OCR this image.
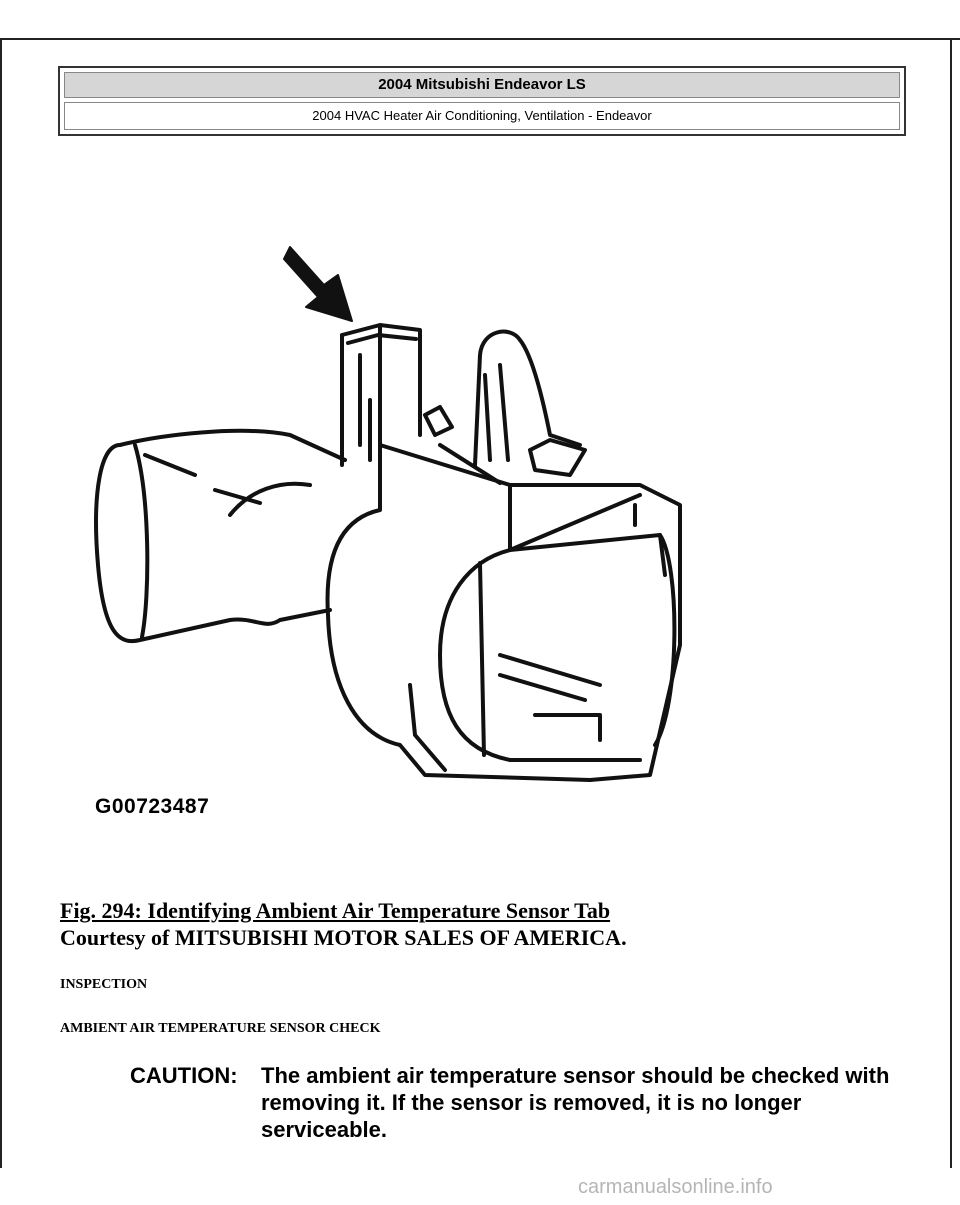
2004 Mitsubishi Endeavor LS
2004 HVAC Heater Air Conditioning, Ventilation - Endeavor
G00723487
Fig. 294: Identifying Ambient Air Temperature Sensor Tab
Courtesy of MITSUBISHI MOTOR SALES OF AMERICA.
INSPECTION
AMBIENT AIR TEMPERATURE SENSOR CHECK
CAUTION: The ambient air temperature sensor should be checked with removing it. If the sensor is removed, it is no longer serviceable.
carmanualsonline.info
